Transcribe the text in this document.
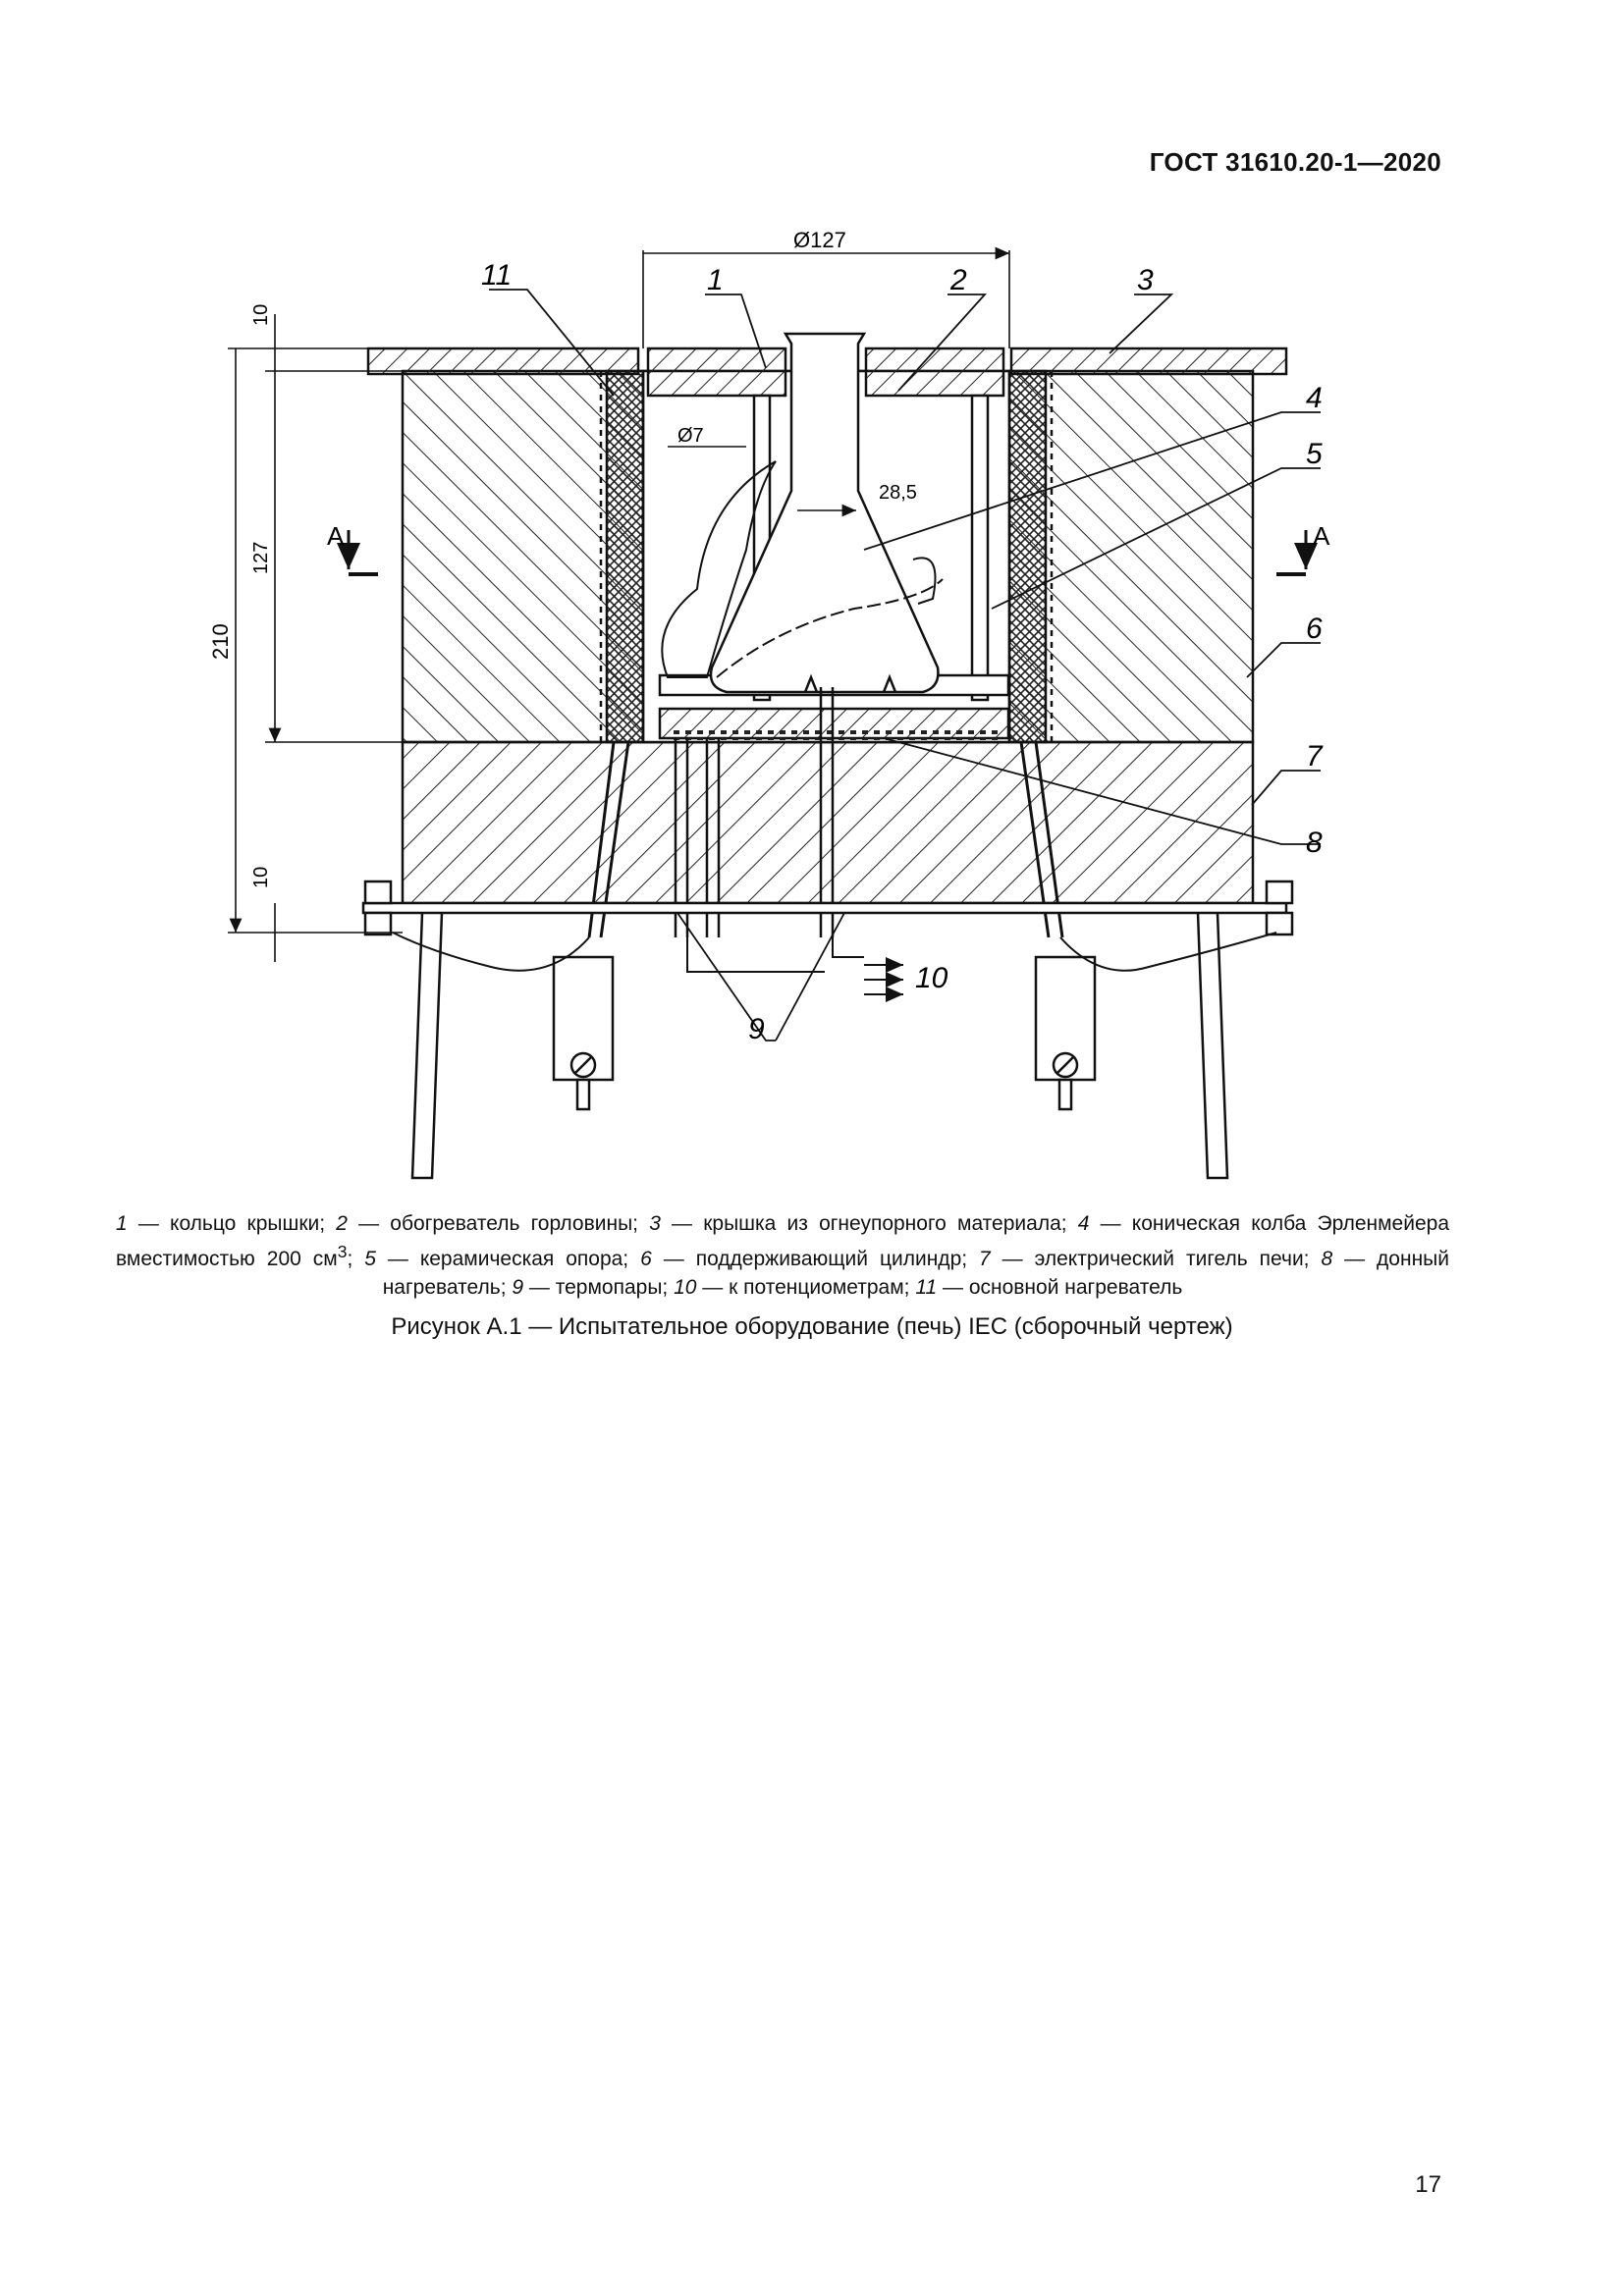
ГОСТ 31610.20-1—2020
Ø127
Ø7
28,5
10
127
210
10
А	А
11	1	2	3
4
5
6
7
8
9
10
1 — кольцо крышки; 2 — обогреватель горловины; 3 — крышка из огнеупорного материала; 4 — коническая колба Эрленмейера вместимостью 200 $см^3$; 5 — керамическая опора; 6 — поддерживающий цилиндр; 7 — электрический тигель печи; 8 — донный нагреватель; 9 — термопары; 10 — к потенциометрам; 11 — основной нагреватель
Рисунок А.1 — Испытательное оборудование (печь) IEC (сборочный чертеж)
17
